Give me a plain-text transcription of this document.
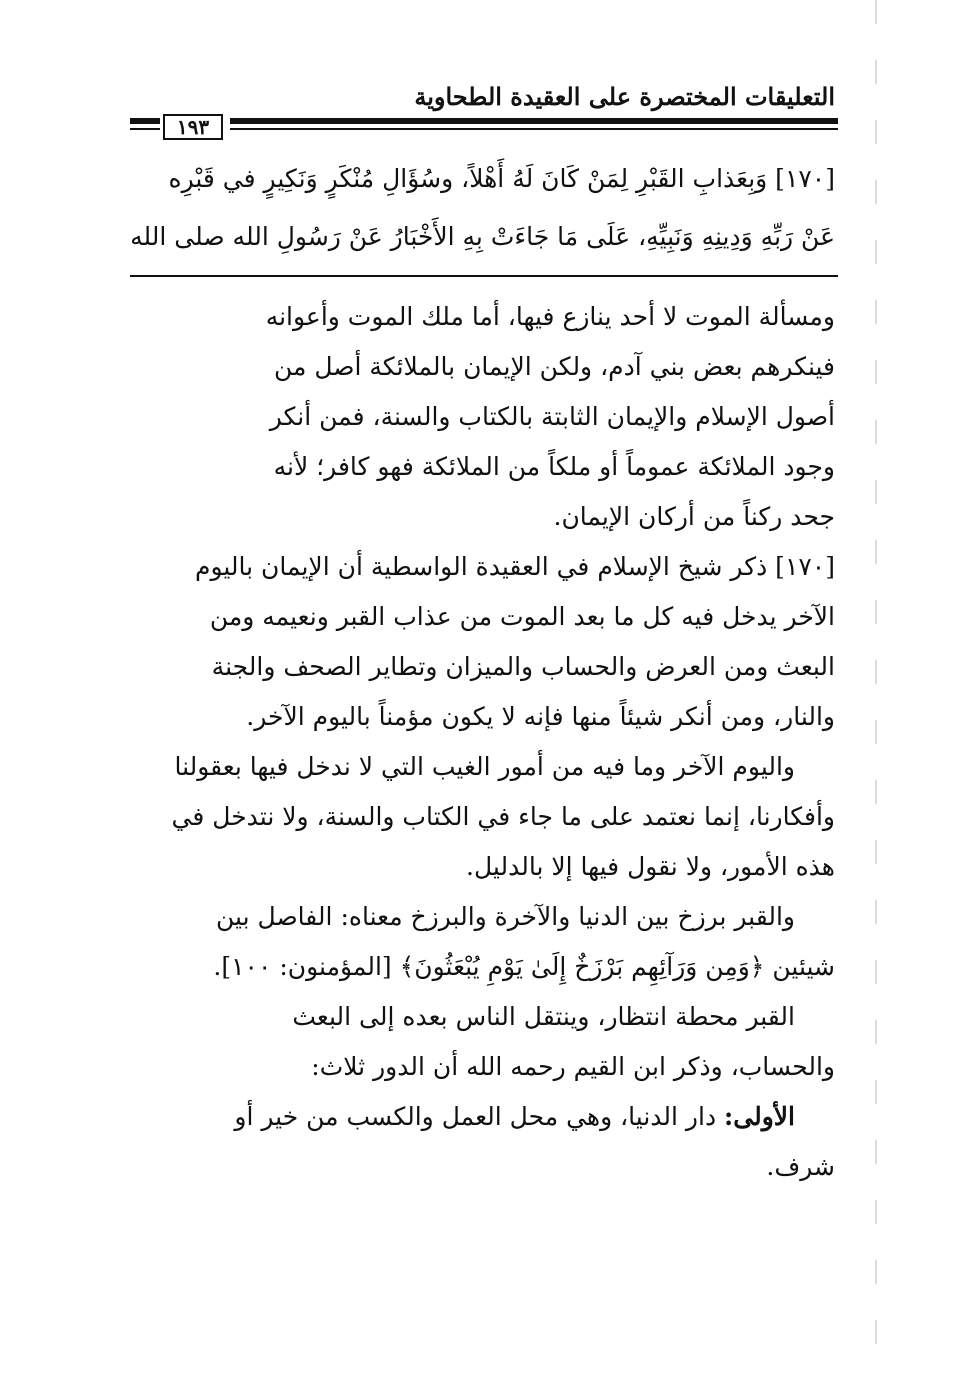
التعليقات المختصرة على العقيدة الطحاوية
١٩٣
[١٧٠] وَبِعَذابِ القَبْرِ لِمَنْ كَانَ لَهُ أَهْلاً، وسُؤَالِ مُنْكَرٍ وَنَكِيرٍ في قَبْرِه
عَنْ رَبِّهِ وَدِينِهِ وَنَبِيِّهِ، عَلَى مَا جَاءَتْ بِهِ الأَخْبَارُ عَنْ رَسُولِ الله صلى الله
ومسألة الموت لا أحد ينازع فيها، أما ملك الموت وأعوانه
فينكرهم بعض بني آدم، ولكن الإيمان بالملائكة أصل من
أصول الإسلام والإيمان الثابتة بالكتاب والسنة، فمن أنكر
وجود الملائكة عموماً أو ملكاً من الملائكة فهو كافر؛ لأنه
جحد ركناً من أركان الإيمان.
[١٧٠] ذكر شيخ الإسلام في العقيدة الواسطية أن الإيمان باليوم
الآخر يدخل فيه كل ما بعد الموت من عذاب القبر ونعيمه ومن
البعث ومن العرض والحساب والميزان وتطاير الصحف والجنة
والنار، ومن أنكر شيئاً منها فإنه لا يكون مؤمناً باليوم الآخر.
واليوم الآخر وما فيه من أمور الغيب التي لا ندخل فيها بعقولنا
وأفكارنا، إنما نعتمد على ما جاء في الكتاب والسنة، ولا نتدخل في
هذه الأمور، ولا نقول فيها إلا بالدليل.
والقبر برزخ بين الدنيا والآخرة والبرزخ معناه: الفاصل بين
شيئين ﴿وَمِن وَرَآئِهِم بَرْزَخٌ إِلَىٰ يَوْمِ يُبْعَثُونَ﴾ [المؤمنون: ١٠٠].
القبر محطة انتظار، وينتقل الناس بعده إلى البعث
والحساب، وذكر ابن القيم رحمه الله أن الدور ثلاث:
الأولى: دار الدنيا، وهي محل العمل والكسب من خير أو
شرف.
